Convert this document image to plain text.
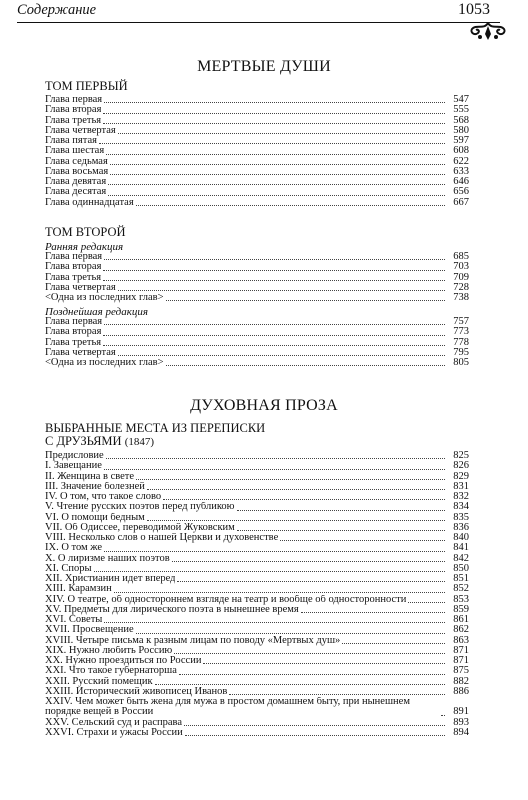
Содержание	1053
МЕРТВЫЕ ДУШИ
ТОМ ПЕРВЫЙ
Глава первая	547
Глава вторая	555
Глава третья	568
Глава четвертая	580
Глава пятая	597
Глава шестая	608
Глава седьмая	622
Глава восьмая	633
Глава девятая	646
Глава десятая	656
Глава одиннадцатая	667
ТОМ ВТОРОЙ
Ранняя редакция
Глава первая	685
Глава вторая	703
Глава третья	709
Глава четвертая	728
<Одна из последних глав>	738
Позднейшая редакция
Глава первая	757
Глава вторая	773
Глава третья	778
Глава четвертая	795
<Одна из последних глав>	805
ДУХОВНАЯ ПРОЗА
ВЫБРАННЫЕ МЕСТА ИЗ ПЕРЕПИСКИ
С ДРУЗЬЯМИ (1847)
Предисловие	825
I. Завещание	826
II. Женщина в свете	829
III. Значение болезней	831
IV. О том, что такое слово	832
V. Чтение русских поэтов перед публикою	834
VI. О помощи бедным	835
VII. Об Одиссее, переводимой Жуковским	836
VIII. Несколько слов о нашей Церкви и духовенстве	840
IX. О том же	841
X. О лиризме наших поэтов	842
XI. Споры	850
XII. Христианин идет вперед	851
XIII. Карамзин	852
XIV. О театре, об одностороннем взгляде на театр и вообще об односторонности	853
XV. Предметы для лирического поэта в нынешнее время	859
XVI. Советы	861
XVII. Просвещение	862
XVIII. Четыре письма к разным лицам по поводу «Мертвых душ»	863
XIX. Нужно любить Россию	871
XX. Нужно проездиться по России	871
XXI. Что такое губернаторша	875
XXII. Русский помещик	882
XXIII. Исторический живописец Иванов	886
XXIV. Чем может быть жена для мужа в простом домашнем быту, при нынешнем порядке вещей в России	891
XXV. Сельский суд и расправа	893
XXVI. Страхи и ужасы России	894
